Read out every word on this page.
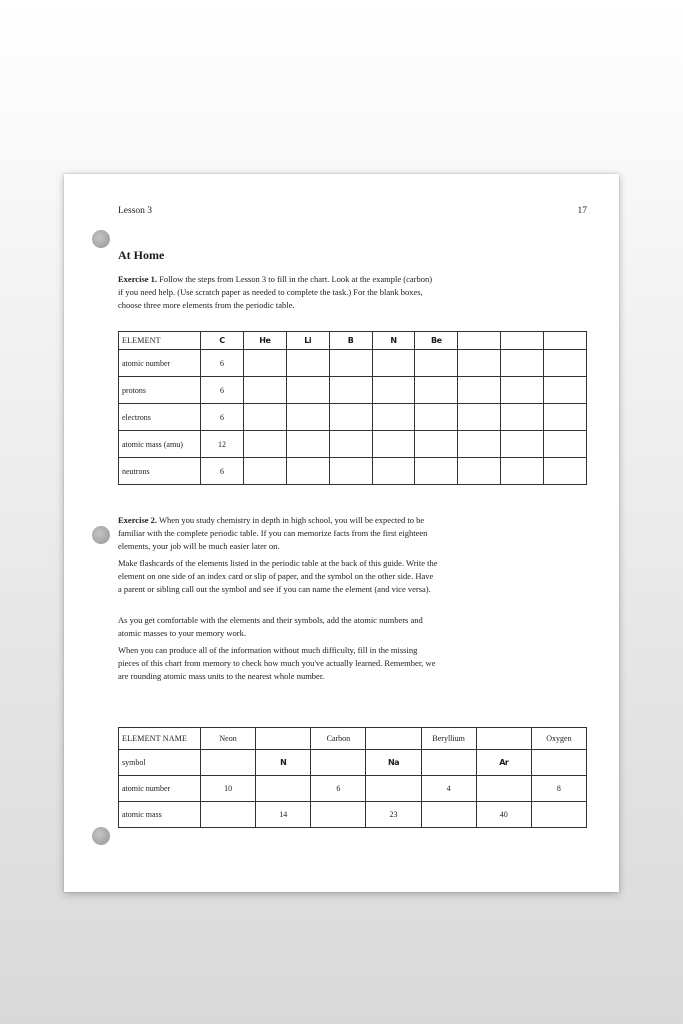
Lesson 3	17
At Home

Exercise 1. Follow the steps from Lesson 3 to fill in the chart. Look at the example (carbon) if you need help. (Use scratch paper as needed to complete the task.) For the blank boxes, choose three more elements from the periodic table.

ELEMENT	C	He	Li	B	N	Be			
atomic number	6								
protons	6								
electrons	6								
atomic mass (amu)	12								
neutrons	6								

Exercise 2. When you study chemistry in depth in high school, you will be expected to be familiar with the complete periodic table. If you can memorize facts from the first eighteen elements, your job will be much easier later on.

Make flashcards of the elements listed in the periodic table at the back of this guide. Write the element on one side of an index card or slip of paper, and the symbol on the other side. Have a parent or sibling call out the symbol and see if you can name the element (and vice versa).

As you get comfortable with the elements and their symbols, add the atomic numbers and atomic masses to your memory work.

When you can produce all of the information without much difficulty, fill in the missing pieces of this chart from memory to check how much you've actually learned. Remember, we are rounding atomic mass units to the nearest whole number.

ELEMENT NAME	Neon		Carbon		Beryllium		Oxygen
symbol		N		Na		Ar	
atomic number	10		6		4		8
atomic mass		14		23		40	
